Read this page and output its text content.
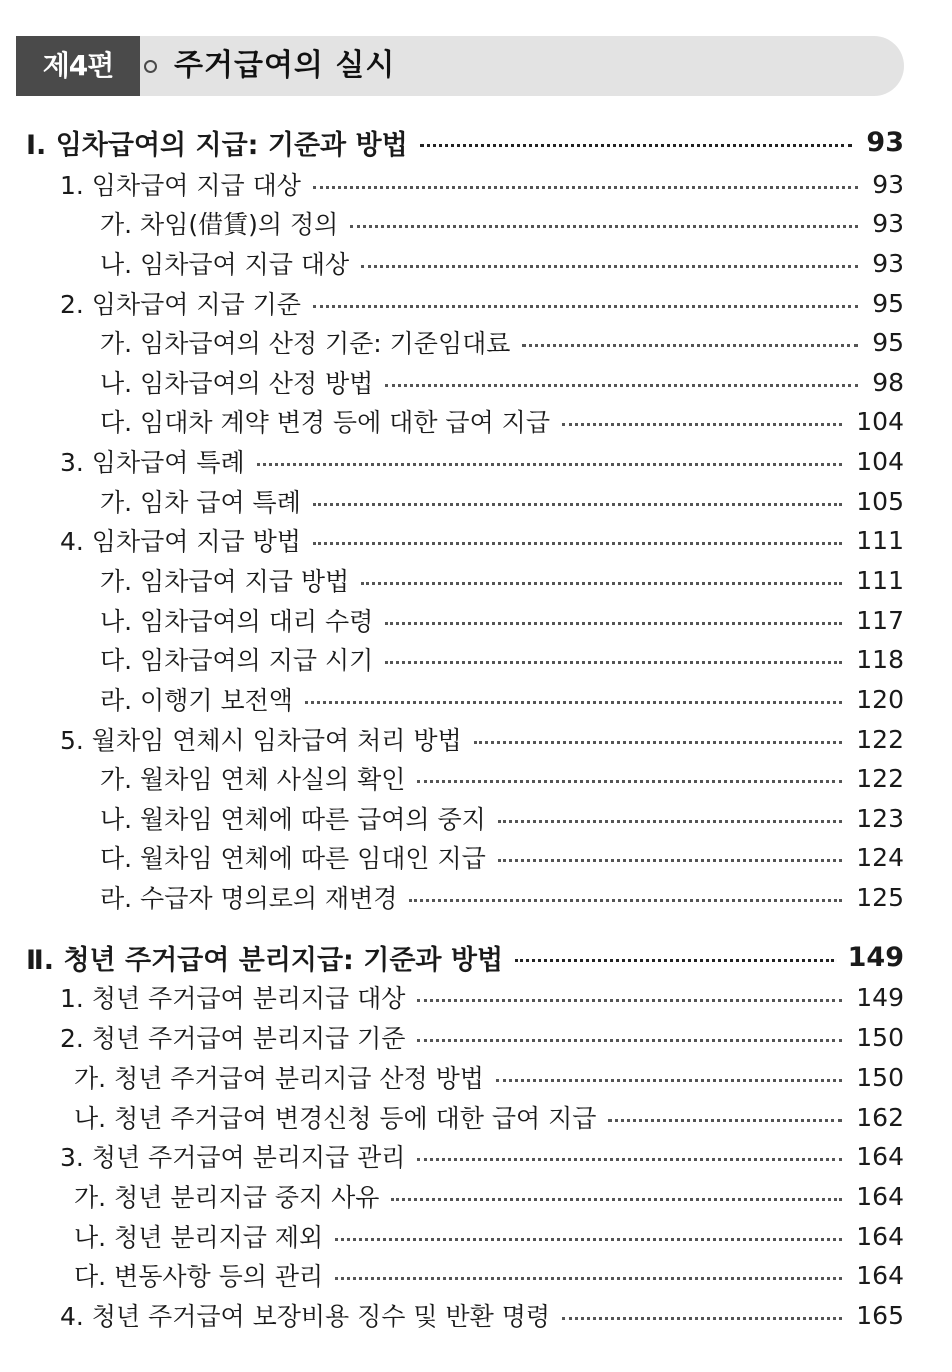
제4편	주거급여의 실시
Ⅰ. 임차급여의 지급: 기준과 방법	93
1. 임차급여 지급 대상	93
가. 차임(借賃)의 정의	93
나. 임차급여 지급 대상	93
2. 임차급여 지급 기준	95
가. 임차급여의 산정 기준: 기준임대료	95
나. 임차급여의 산정 방법	98
다. 임대차 계약 변경 등에 대한 급여 지급	104
3. 임차급여 특례	104
가. 임차 급여 특례	105
4. 임차급여 지급 방법	111
가. 임차급여 지급 방법	111
나. 임차급여의 대리 수령	117
다. 임차급여의 지급 시기	118
라. 이행기 보전액	120
5. 월차임 연체시 임차급여 처리 방법	122
가. 월차임 연체 사실의 확인	122
나. 월차임 연체에 따른 급여의 중지	123
다. 월차임 연체에 따른 임대인 지급	124
라. 수급자 명의로의 재변경	125
Ⅱ. 청년 주거급여 분리지급: 기준과 방법	149
1. 청년 주거급여 분리지급 대상	149
2. 청년 주거급여 분리지급 기준	150
가. 청년 주거급여 분리지급 산정 방법	150
나. 청년 주거급여 변경신청 등에 대한 급여 지급	162
3. 청년 주거급여 분리지급 관리	164
가. 청년 분리지급 중지 사유	164
나. 청년 분리지급 제외	164
다. 변동사항 등의 관리	164
4. 청년 주거급여 보장비용 징수 및 반환 명령	165
